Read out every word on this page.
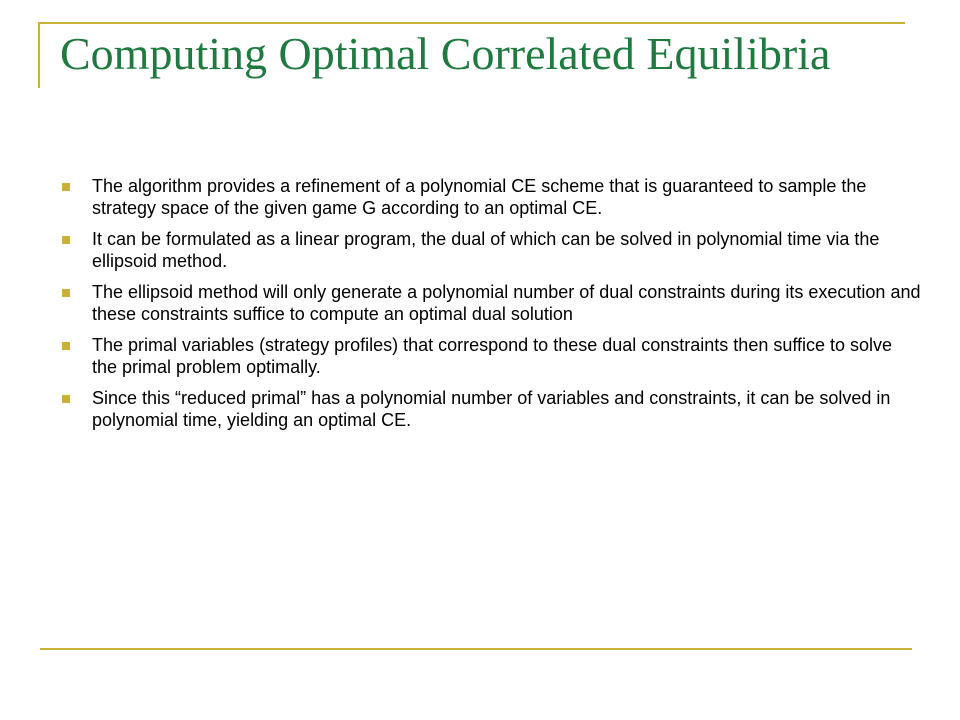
Computing Optimal Correlated Equilibria
The algorithm provides a refinement of a polynomial CE scheme that is guaranteed to sample the strategy space of the given game G according to an optimal CE.
It can be formulated as a linear program, the dual of which can be solved in polynomial time via the ellipsoid method.
The ellipsoid method will only generate a polynomial number of dual constraints during its execution and these constraints suffice to compute an optimal dual solution
The primal variables (strategy profiles) that correspond to these dual constraints then suffice to solve the primal problem optimally.
Since this “reduced primal” has a polynomial number of variables and constraints, it can be solved in polynomial time, yielding an optimal CE.
